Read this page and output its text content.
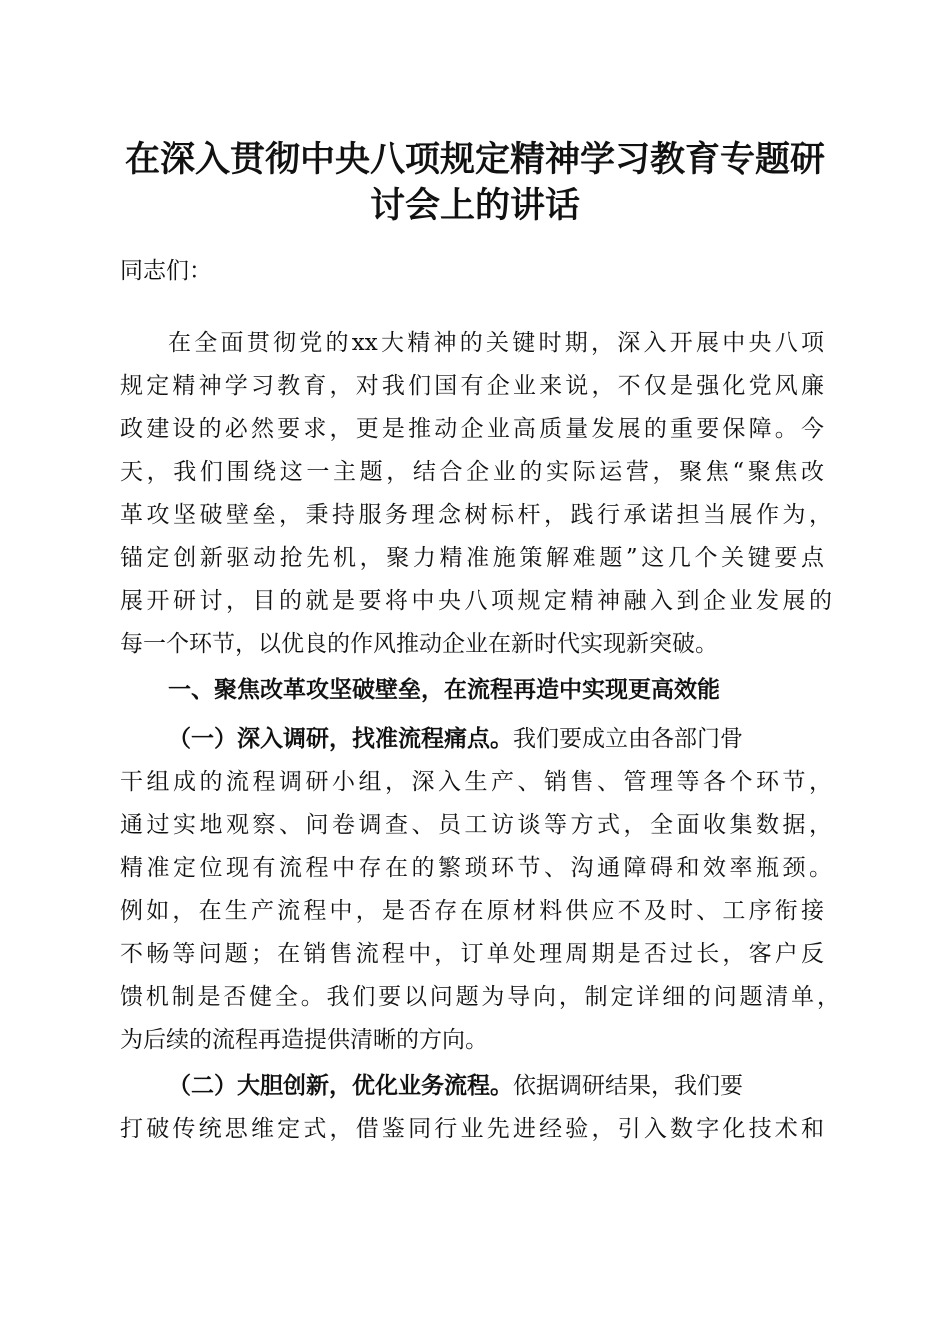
在深入贯彻中央八项规定精神学习教育专题研
讨会上的讲话

同志们：

在全面贯彻党的xx大精神的关键时期，深入开展中央八项

规定精神学习教育，对我们国有企业来说，不仅是强化党风廉

政建设的必然要求，更是推动企业高质量发展的重要保障。今

天，我们围绕这一主题，结合企业的实际运营，聚焦“聚焦改

革攻坚破壁垒，秉持服务理念树标杆，践行承诺担当展作为，

锚定创新驱动抢先机，聚力精准施策解难题”这几个关键要点

展开研讨，目的就是要将中央八项规定精神融入到企业发展的

每一个环节，以优良的作风推动企业在新时代实现新突破。

一、聚焦改革攻坚破壁垒，在流程再造中实现更高效能

（一）深入调研，找准流程痛点。我们要成立由各部门骨

干组成的流程调研小组，深入生产、销售、管理等各个环节，

通过实地观察、问卷调查、员工访谈等方式，全面收集数据，

精准定位现有流程中存在的繁琐环节、沟通障碍和效率瓶颈。

例如，在生产流程中，是否存在原材料供应不及时、工序衔接

不畅等问题；在销售流程中，订单处理周期是否过长，客户反

馈机制是否健全。我们要以问题为导向，制定详细的问题清单，

为后续的流程再造提供清晰的方向。

（二）大胆创新，优化业务流程。依据调研结果，我们要

打破传统思维定式，借鉴同行业先进经验，引入数字化技术和
